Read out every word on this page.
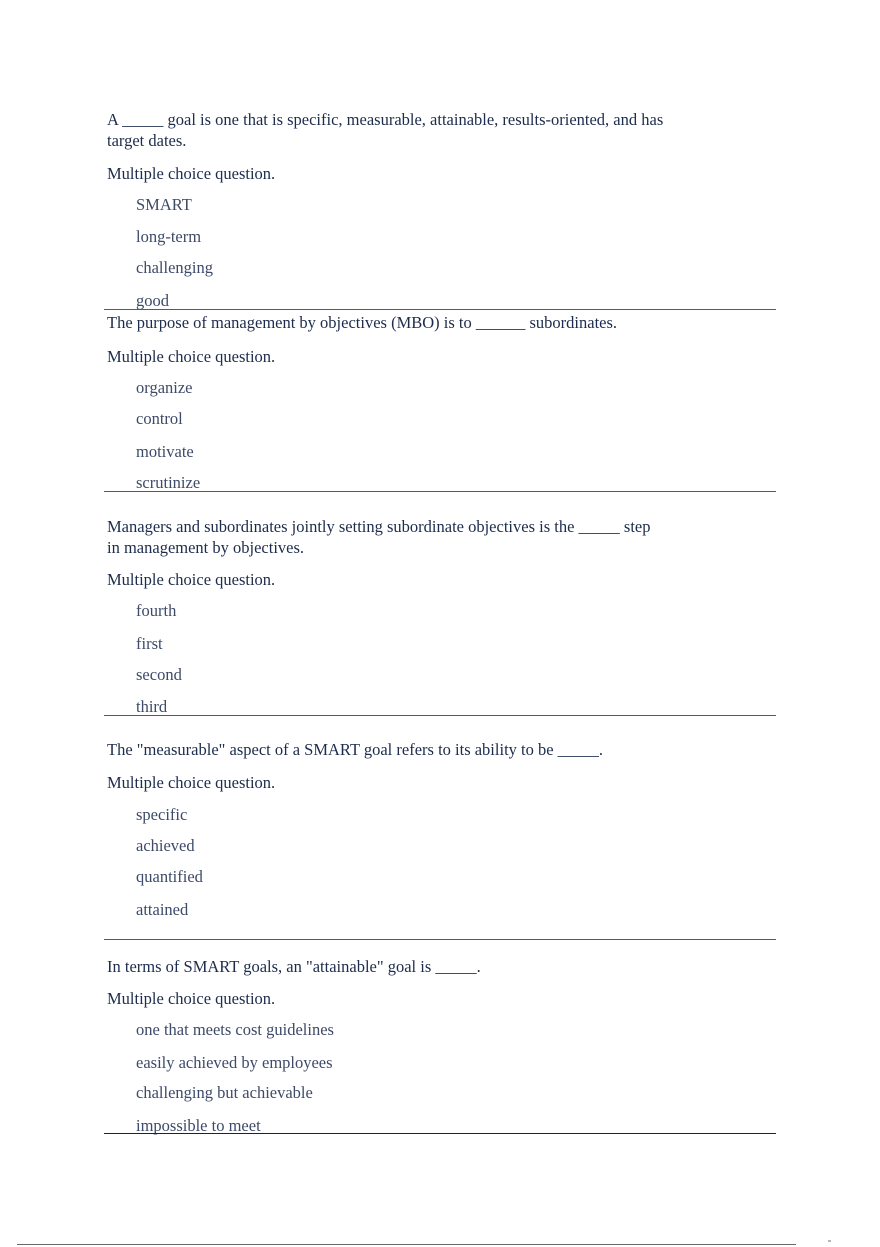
A _____ goal is one that is specific, measurable, attainable, results-oriented, and has
target dates.
Multiple choice question.
SMART
long-term
challenging
good
The purpose of management by objectives (MBO) is to ______ subordinates.
Multiple choice question.
organize
control
motivate
scrutinize
Managers and subordinates jointly setting subordinate objectives is the _____ step
in management by objectives.
Multiple choice question.
fourth
first
second
third
The "measurable" aspect of a SMART goal refers to its ability to be _____.
Multiple choice question.
specific
achieved
quantified
attained
In terms of SMART goals, an "attainable" goal is _____.
Multiple choice question.
one that meets cost guidelines
easily achieved by employees
challenging but achievable
impossible to meet
